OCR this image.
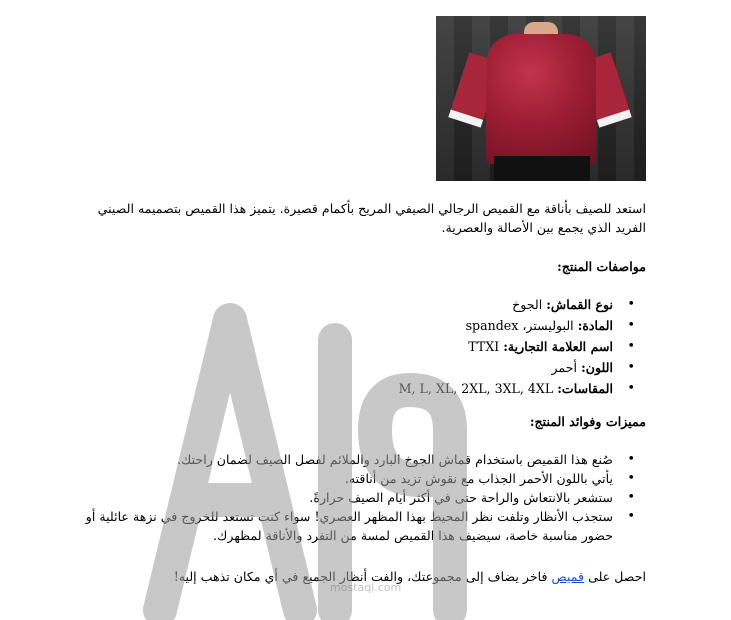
استعد للصيف بأناقة مع القميص الرجالي الصيفي المريح بأكمام قصيرة. يتميز هذا القميص بتصميمه الصيني
الفريد الذي يجمع بين الأصالة والعصرية.
مواصفات المنتج:
• نوع القماش: الجوخ
• المادة: البوليستر، spandex
• اسم العلامة التجارية: TTXI
• اللون: أحمر
• المقاسات: M, L, XL, 2XL, 3XL, 4XL
مميزات وفوائد المنتج:
• صُنع هذا القميص باستخدام قماش الجوخ البارد والملائم لفصل الصيف لضمان راحتك.
• يأتي باللون الأحمر الجذاب مع نقوش تزيد من أناقته.
• ستشعر بالانتعاش والراحة حتى في أكثر أيام الصيف حرارةً.
• ستجذب الأنظار وتلفت نظر المحيط بهذا المظهر العصري! سواء كنت تستعد للخروج في نزهة عائلية أو حضور مناسبة خاصة، سيضيف هذا القميص لمسة من التفرد والأناقة لمظهرك.
احصل على قميص فاخر يضاف إلى مجموعتك، والفت أنظار الجميع في أي مكان تذهب إليه!
mostaql.com
